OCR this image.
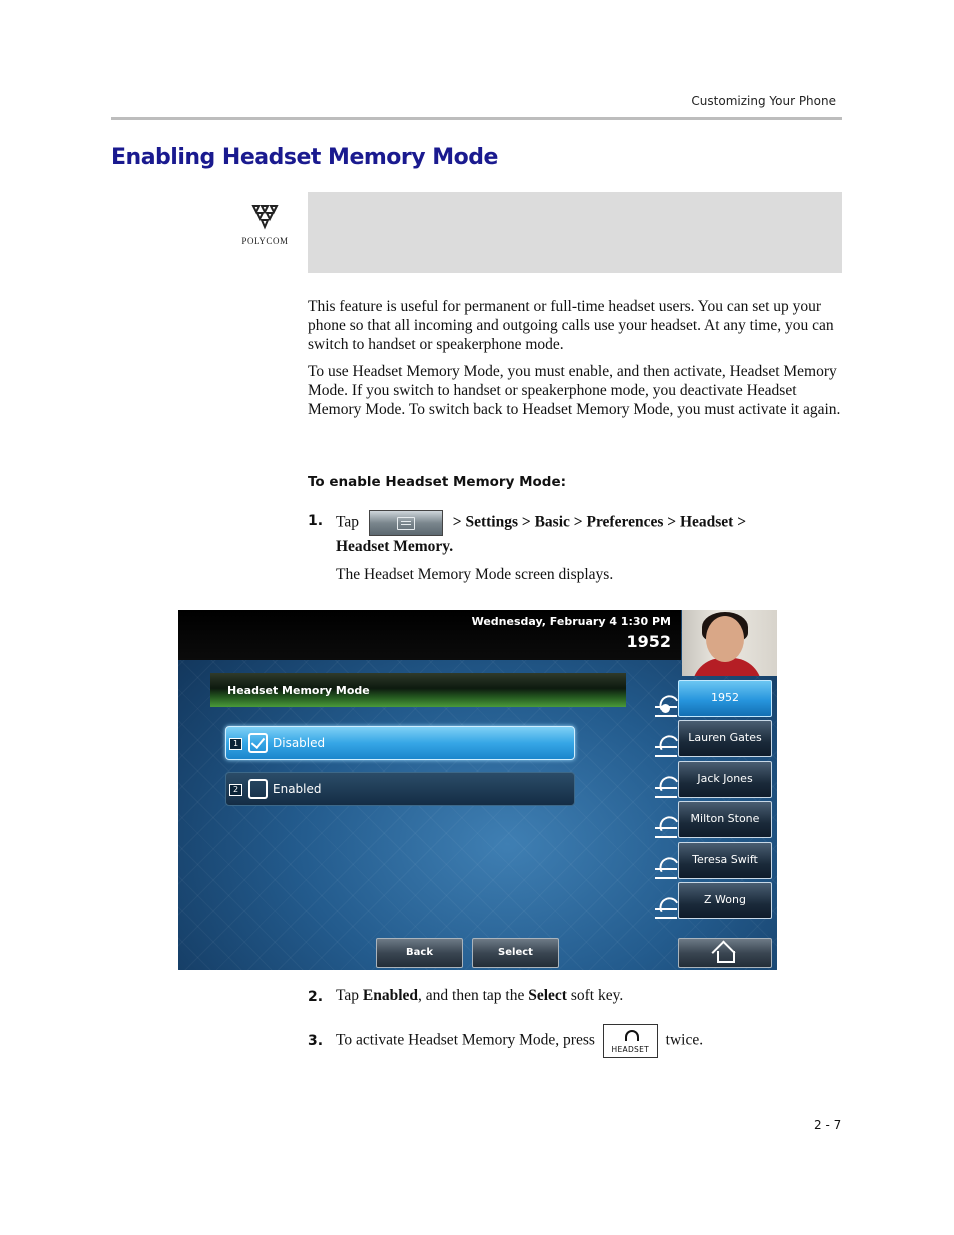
Customizing Your Phone
Enabling Headset Memory Mode
POLYCOM
This feature is useful for permanent or full-time headset users. You can set up your phone so that all incoming and outgoing calls use your headset. At any time, you can switch to handset or speakerphone mode.
To use Headset Memory Mode, you must enable, and then activate, Headset Memory Mode. If you switch to handset or speakerphone mode, you deactivate Headset Memory Mode. To switch back to Headset Memory Mode, you must activate it again.
To enable Headset Memory Mode:
1. Tap	> Settings > Basic > Preferences > Headset >
Headset Memory.
The Headset Memory Mode screen displays.
Wednesday, February 4 1:30 PM
1952
Headset Memory Mode
1	Disabled
2	Enabled
1952
Lauren Gates
Jack Jones
Milton Stone
Teresa Swift
Z Wong
Back	Select
2. Tap Enabled, and then tap the Select soft key.
3. To activate Headset Memory Mode, press
HEADSET
twice.
2 - 7
